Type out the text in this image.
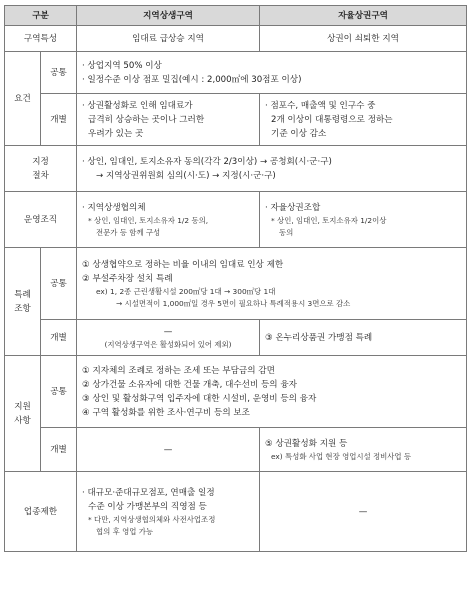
구분		지역상생구역	자율상권구역
구역특성		임대료 급상승 지역	상권이 쇠퇴한 지역
요건	공통	· 상업지역 50% 이상
· 일정수준 이상 점포 밀집(예시 : 2,000㎡에 30점포 이상)	

	개별	· 상권활성화로 인해 임대료가
급격히 상승하는 곳이나 그러한
우려가 있는 곳	· 점포수, 매출액 및 인구수 중
2개 이상이 대통령령으로 정하는
기준 이상 감소

지정
절차		· 상인, 임대인, 토지소유자 동의(각각 2/3이상) → 공청회(시·군·구)
→ 지역상권위원회 심의(시·도) → 지정(시·군·구)	

운영조직		· 지역상생협의체
* 상인, 임대인, 토지소유자 1/2 동의,
전문가 등 함께 구성	· 자율상권조합
* 상인, 임대인, 토지소유자 1/2이상
동의

특례
조항	공통	① 상생협약으로 정하는 비율 이내의 임대료 인상 제한
② 부설주차장 설치 특례
ex) 1, 2종 근린생활시설 200㎡당 1대 → 300㎡당 1대
→ 시설면적이 1,000㎡일 경우 5면이 필요하나 특례적용시 3면으로 감소	

	개별	—
(지역상생구역은 활성화되어 있어 제외)	③ 온누리상품권 가맹점 특례

지원
사항	공통	① 지자체의 조례로 정하는 조세 또는 부담금의 감면
② 상가건물 소유자에 대한 건물 개축, 대수선비 등의 융자
③ 상인 및 활성화구역 입주자에 대한 시설비, 운영비 등의 융자
④ 구역 활성화를 위한 조사·연구비 등의 보조	

	개별	—	⑤ 상권활성화 지원 등
ex) 특성화 사업 현장 영업시설 정비사업 등

업종제한		· 대규모·준대규모점포, 연매출 일정
수준 이상 가맹본부의 직영점 등
* 다만, 지역상생협의체와 사전사업조정
협의 후 영업 가능	—
